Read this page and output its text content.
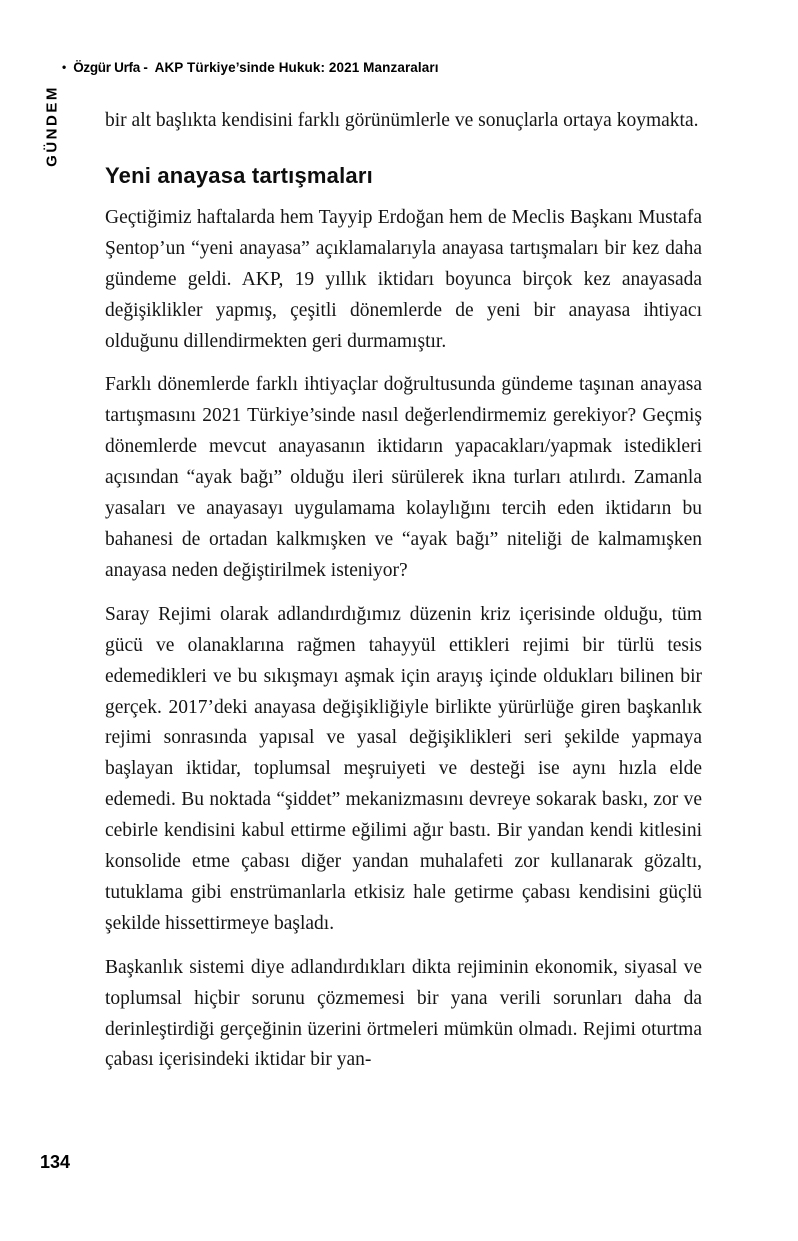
• Özgür Urfa - AKP Türkiye’sinde Hukuk: 2021 Manzaraları
GÜNDEM bir alt başlıkta kendisini farklı görünümlerle ve sonuçlarla ortaya koymakta.

Yeni anayasa tartışmaları

Geçtiğimiz haftalarda hem Tayyip Erdoğan hem de Meclis Başkanı Mustafa Şentop’un “yeni anayasa” açıklamalarıyla anayasa tartışmaları bir kez daha gündeme geldi. AKP, 19 yıllık iktidarı boyunca birçok kez anayasada değişiklikler yapmış, çeşitli dönemlerde de yeni bir anayasa ihtiyacı olduğunu dillendirmekten geri durmamıştır.

Farklı dönemlerde farklı ihtiyaçlar doğrultusunda gündeme taşınan anayasa tartışmasını 2021 Türkiye’sinde nasıl değerlendirmemiz gerekiyor? Geçmiş dönemlerde mevcut anayasanın iktidarın yapacakları/yapmak istedikleri açısından “ayak bağı” olduğu ileri sürülerek ikna turları atılırdı. Zamanla yasaları ve anayasayı uygulamama kolaylığını tercih eden iktidarın bu bahanesi de ortadan kalkmışken ve “ayak bağı” niteliği de kalmamışken anayasa neden değiştirilmek isteniyor?

Saray Rejimi olarak adlandırdığımız düzenin kriz içerisinde olduğu, tüm gücü ve olanaklarına rağmen tahayyül ettikleri rejimi bir türlü tesis edemedikleri ve bu sıkışmayı aşmak için arayış içinde oldukları bilinen bir gerçek. 2017’deki anayasa değişikliğiyle birlikte yürürlüğe giren başkanlık rejimi sonrasında yapısal ve yasal değişiklikleri seri şekilde yapmaya başlayan iktidar, toplumsal meşruiyeti ve desteği ise aynı hızla elde edemedi. Bu noktada “şiddet” mekanizmasını devreye sokarak baskı, zor ve cebirle kendisini kabul ettirme eğilimi ağır bastı. Bir yandan kendi kitlesini konsolide etme çabası diğer yandan muhalafeti zor kullanarak gözaltı, tutuklama gibi enstrümanlarla etkisiz hale getirme çabası kendisini güçlü şekilde hissettirmeye başladı.

Başkanlık sistemi diye adlandırdıkları dikta rejiminin ekonomik, siyasal ve toplumsal hiçbir sorunu çözmemesi bir yana verili sorunları daha da derinleştirdiği gerçeğinin üzerini örtmeleri mümkün olmadı. Rejimi oturtma çabası içerisindeki iktidar bir yan-

134
